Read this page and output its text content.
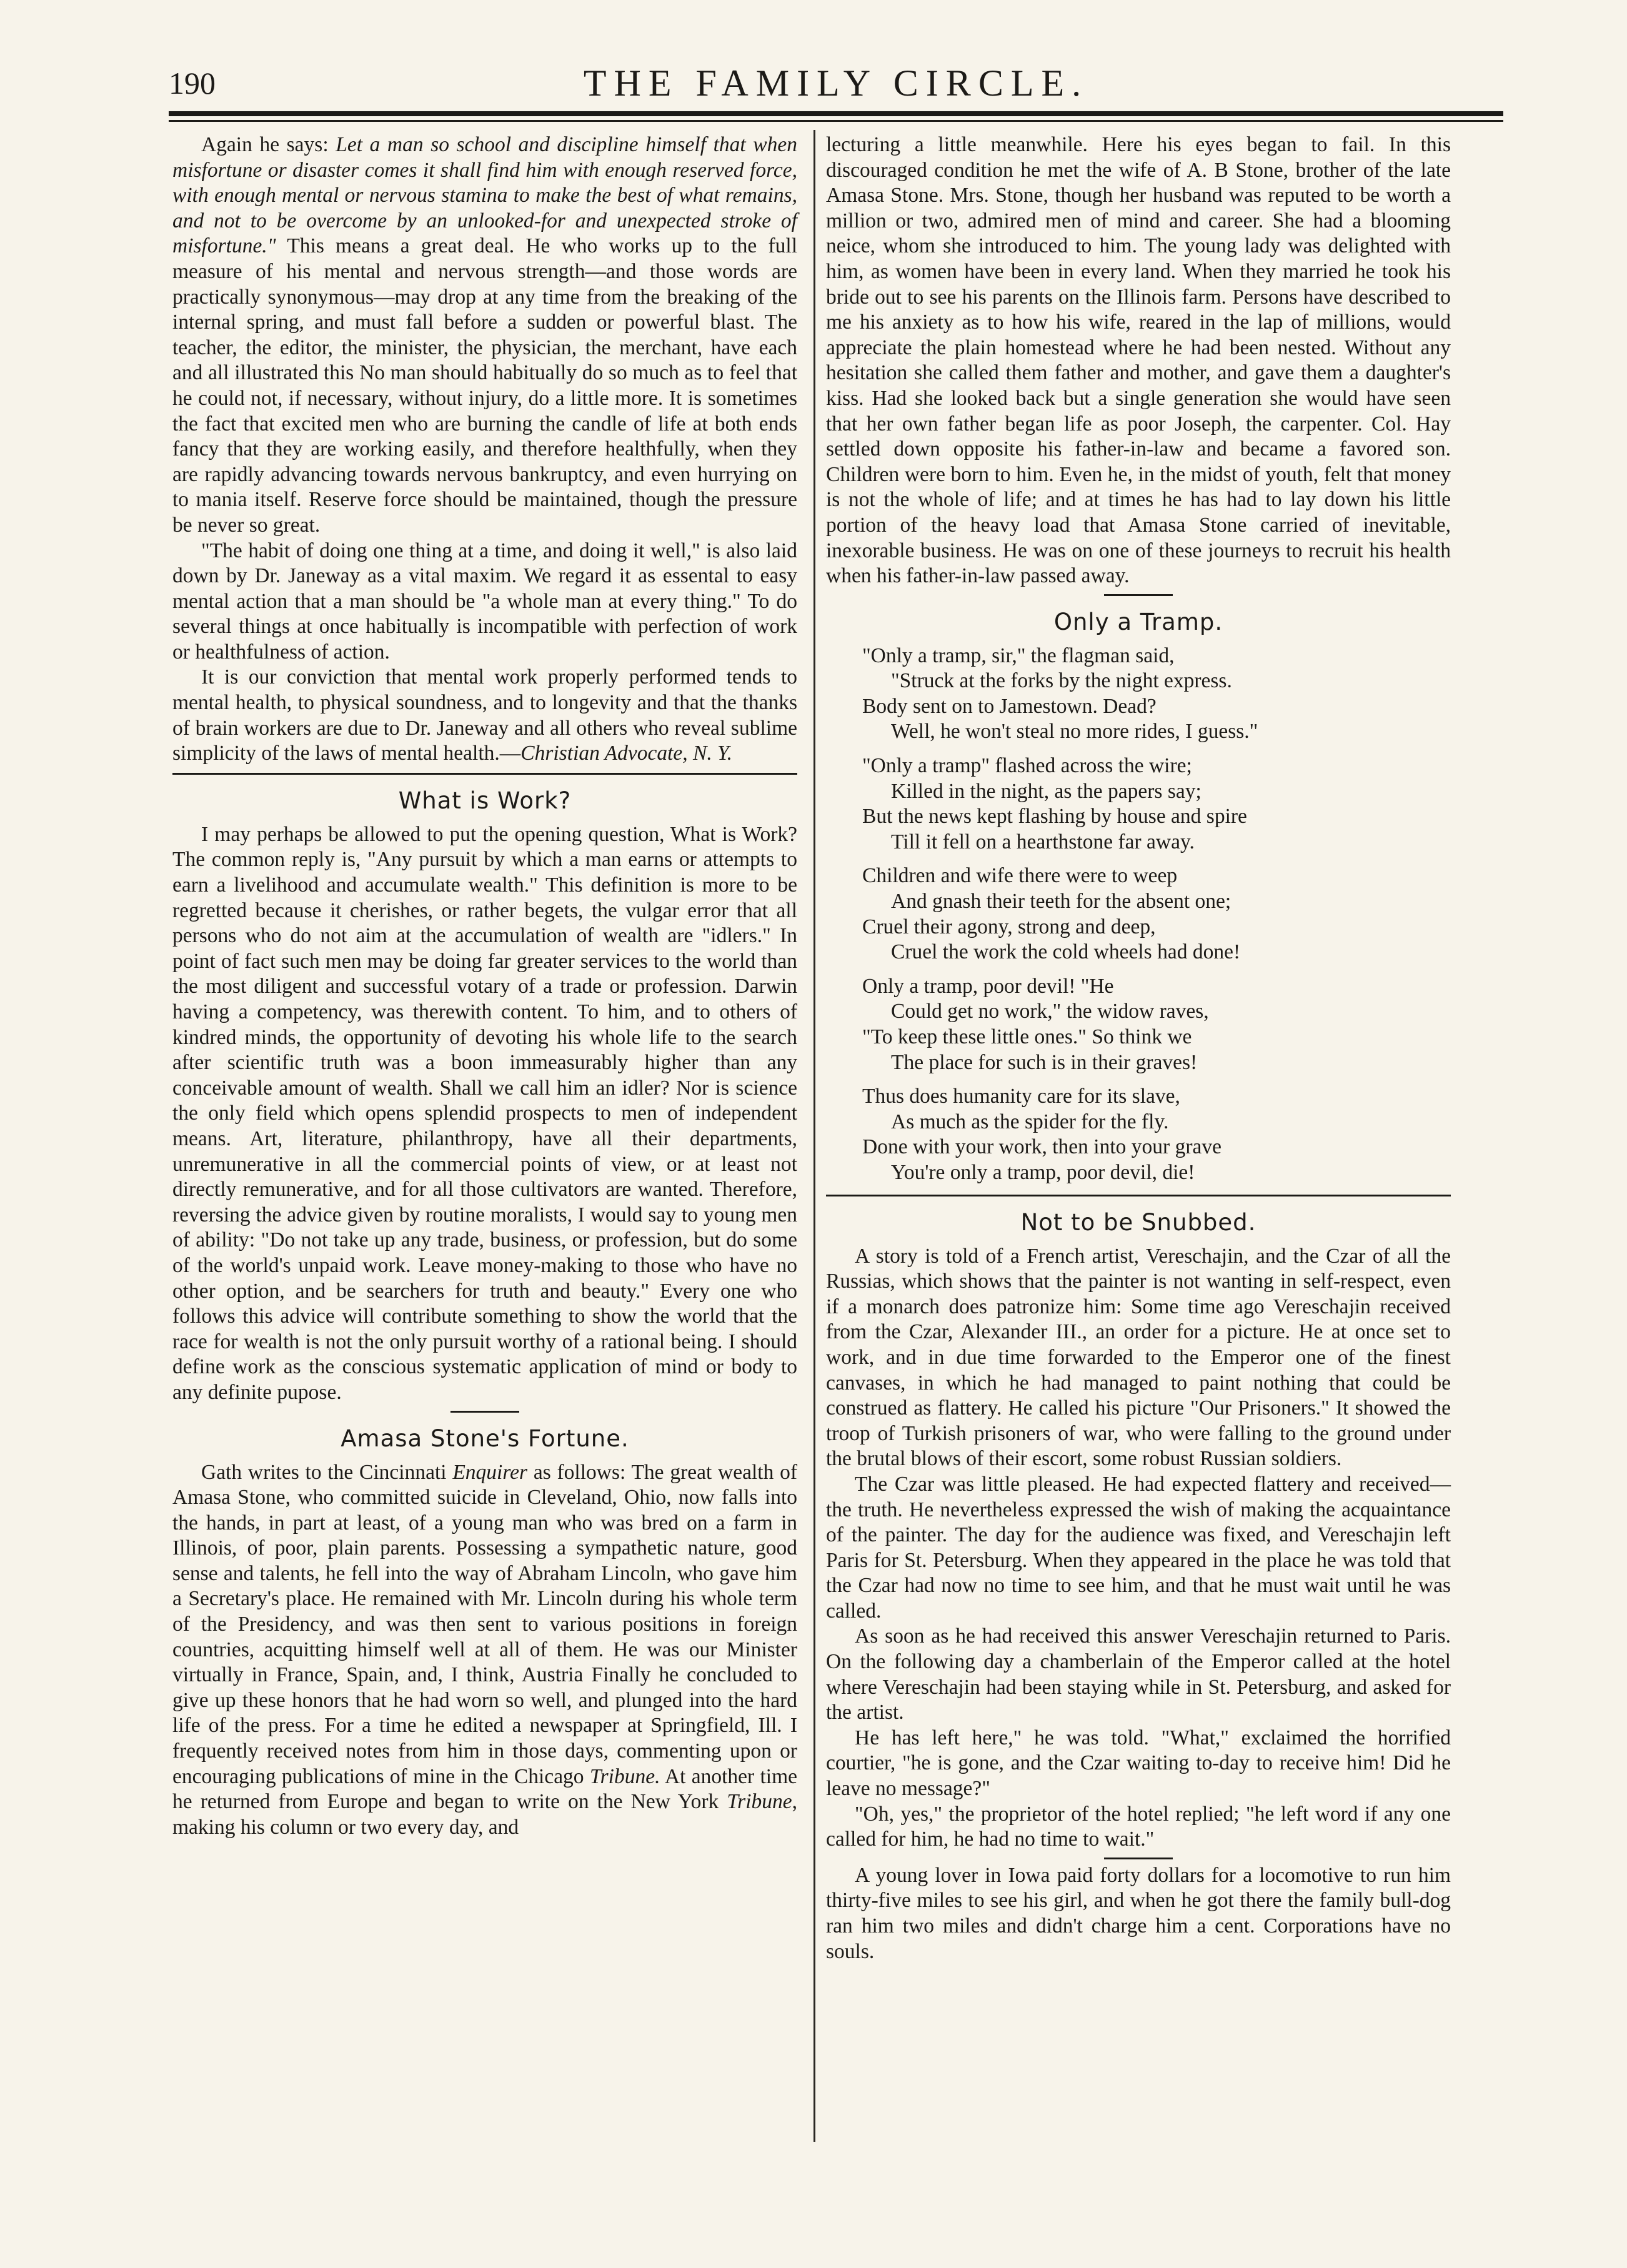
190	THE FAMILY CIRCLE.

Again he says: Let a man so school and discipline himself that when misfortune or disaster comes it shall find him with enough reserved force, with enough mental or nervous stamina to make the best of what remains, and not to be overcome by an unlooked-for and unexpected stroke of misfortune." This means a great deal. He who works up to the full measure of his mental and nervous strength—and those words are practically synonymous—may drop at any time from the breaking of the internal spring, and must fall before a sudden or powerful blast. The teacher, the editor, the minister, the physician, the merchant, have each and all illustrated this No man should habitually do so much as to feel that he could not, if necessary, without injury, do a little more. It is sometimes the fact that excited men who are burning the candle of life at both ends fancy that they are working easily, and therefore healthfully, when they are rapidly advancing towards nervous bankruptcy, and even hurrying on to mania itself. Reserve force should be maintained, though the pressure be never so great.

"The habit of doing one thing at a time, and doing it well," is also laid down by Dr. Janeway as a vital maxim. We regard it as essental to easy mental action that a man should be "a whole man at every thing." To do several things at once habitually is incompatible with perfection of work or healthfulness of action.

It is our conviction that mental work properly performed tends to mental health, to physical soundness, and to longevity and that the thanks of brain workers are due to Dr. Janeway and all others who reveal sublime simplicity of the laws of mental health.—Christian Advocate, N. Y.

What is Work?

I may perhaps be allowed to put the opening question, What is Work? The common reply is, "Any pursuit by which a man earns or attempts to earn a livelihood and accumulate wealth." This definition is more to be regretted because it cherishes, or rather begets, the vulgar error that all persons who do not aim at the accumulation of wealth are "idlers." In point of fact such men may be doing far greater services to the world than the most diligent and successful votary of a trade or profession. Darwin having a competency, was therewith content. To him, and to others of kindred minds, the opportunity of devoting his whole life to the search after scientific truth was a boon immeasurably higher than any conceivable amount of wealth. Shall we call him an idler? Nor is science the only field which opens splendid prospects to men of independent means. Art, literature, philanthropy, have all their departments, unremunerative in all the commercial points of view, or at least not directly remunerative, and for all those cultivators are wanted. Therefore, reversing the advice given by routine moralists, I would say to young men of ability: "Do not take up any trade, business, or profession, but do some of the world's unpaid work. Leave money-making to those who have no other option, and be searchers for truth and beauty." Every one who follows this advice will contribute something to show the world that the race for wealth is not the only pursuit worthy of a rational being. I should define work as the conscious systematic application of mind or body to any definite pupose.

Amasa Stone's Fortune.

Gath writes to the Cincinnati Enquirer as follows: The great wealth of Amasa Stone, who committed suicide in Cleveland, Ohio, now falls into the hands, in part at least, of a young man who was bred on a farm in Illinois, of poor, plain parents. Possessing a sympathetic nature, good sense and talents, he fell into the way of Abraham Lincoln, who gave him a Secretary's place. He remained with Mr. Lincoln during his whole term of the Presidency, and was then sent to various positions in foreign countries, acquitting himself well at all of them. He was our Minister virtually in France, Spain, and, I think, Austria Finally he concluded to give up these honors that he had worn so well, and plunged into the hard life of the press. For a time he edited a newspaper at Springfield, Ill. I frequently received notes from him in those days, commenting upon or encouraging publications of mine in the Chicago Tribune. At another time he returned from Europe and began to write on the New York Tribune, making his column or two every day, and

lecturing a little meanwhile. Here his eyes began to fail. In this discouraged condition he met the wife of A. B Stone, brother of the late Amasa Stone. Mrs. Stone, though her husband was reputed to be worth a million or two, admired men of mind and career. She had a blooming neice, whom she introduced to him. The young lady was delighted with him, as women have been in every land. When they married he took his bride out to see his parents on the Illinois farm. Persons have described to me his anxiety as to how his wife, reared in the lap of millions, would appreciate the plain homestead where he had been nested. Without any hesitation she called them father and mother, and gave them a daughter's kiss. Had she looked back but a single generation she would have seen that her own father began life as poor Joseph, the carpenter. Col. Hay settled down opposite his father-in-law and became a favored son. Children were born to him. Even he, in the midst of youth, felt that money is not the whole of life; and at times he has had to lay down his little portion of the heavy load that Amasa Stone carried of inevitable, inexorable business. He was on one of these journeys to recruit his health when his father-in-law passed away.

Only a Tramp.
"Only a tramp, sir," the flagman said,
"Struck at the forks by the night express.
Body sent on to Jamestown. Dead?
Well, he won't steal no more rides, I guess."
"Only a tramp" flashed across the wire;
Killed in the night, as the papers say;
But the news kept flashing by house and spire
Till it fell on a hearthstone far away.
Children and wife there were to weep
And gnash their teeth for the absent one;
Cruel their agony, strong and deep,
Cruel the work the cold wheels had done!
Only a tramp, poor devil! "He
Could get no work," the widow raves,
"To keep these little ones." So think we
The place for such is in their graves!
Thus does humanity care for its slave,
As much as the spider for the fly.
Done with your work, then into your grave
You're only a tramp, poor devil, die!
Not to be Snubbed.

A story is told of a French artist, Vereschajin, and the Czar of all the Russias, which shows that the painter is not wanting in self-respect, even if a monarch does patronize him: Some time ago Vereschajin received from the Czar, Alexander III., an order for a picture. He at once set to work, and in due time forwarded to the Emperor one of the finest canvases, in which he had managed to paint nothing that could be construed as flattery. He called his picture "Our Prisoners." It showed the troop of Turkish prisoners of war, who were falling to the ground under the brutal blows of their escort, some robust Russian soldiers.

The Czar was little pleased. He had expected flattery and received—the truth. He nevertheless expressed the wish of making the acquaintance of the painter. The day for the audience was fixed, and Vereschajin left Paris for St. Petersburg. When they appeared in the place he was told that the Czar had now no time to see him, and that he must wait until he was called.

As soon as he had received this answer Vereschajin returned to Paris. On the following day a chamberlain of the Emperor called at the hotel where Vereschajin had been staying while in St. Petersburg, and asked for the artist.

He has left here," he was told. "What," exclaimed the horrified courtier, "he is gone, and the Czar waiting to-day to receive him! Did he leave no message?"

"Oh, yes," the proprietor of the hotel replied; "he left word if any one called for him, he had no time to wait."

A young lover in Iowa paid forty dollars for a locomotive to run him thirty-five miles to see his girl, and when he got there the family bull-dog ran him two miles and didn't charge him a cent. Corporations have no souls.
